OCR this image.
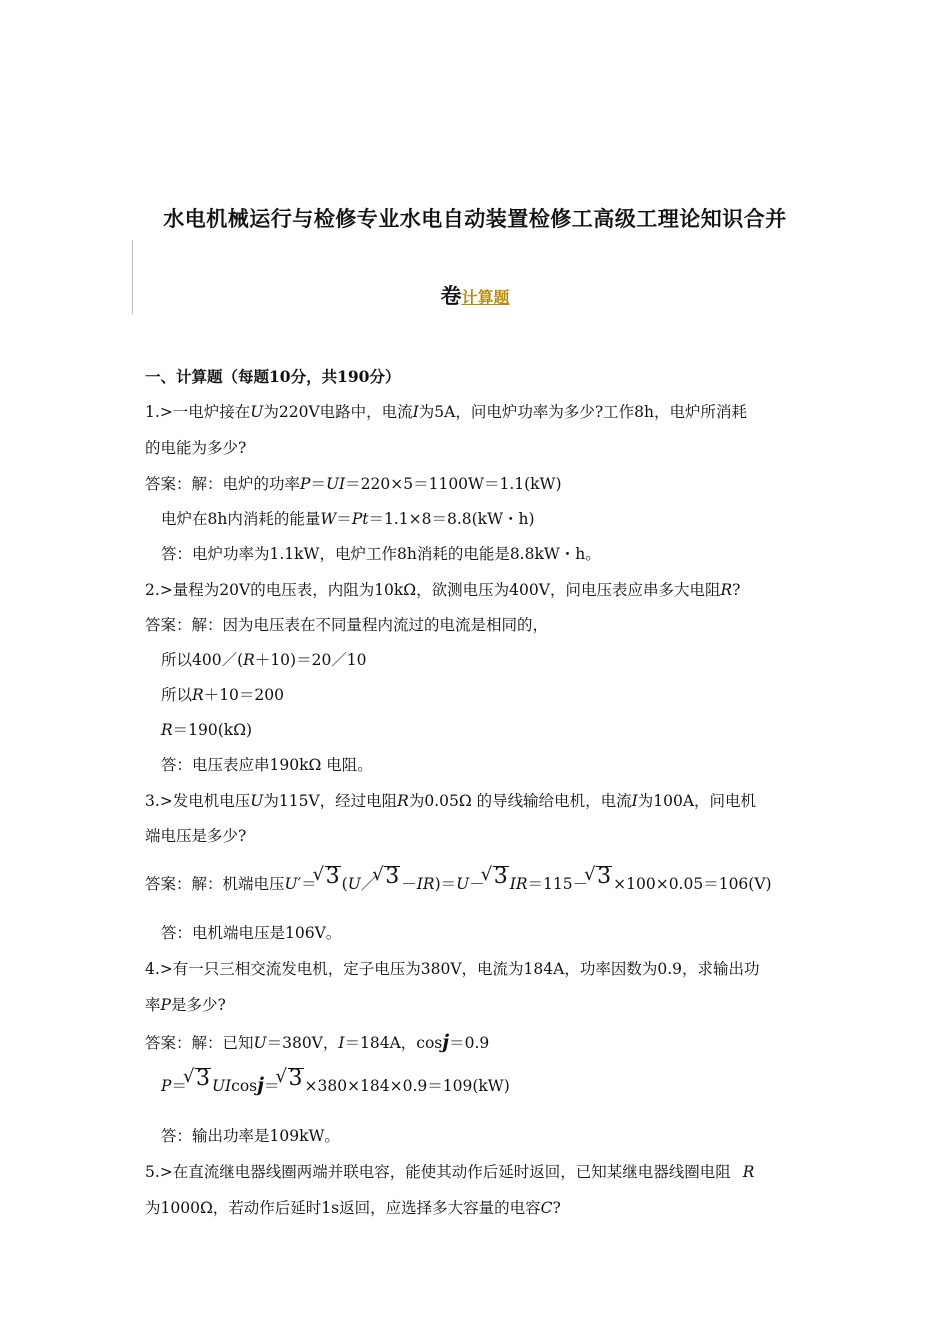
水电机械运行与检修专业水电自动装置检修工高级工理论知识合并
卷计算题
一、计算题（每题10分，共190分）
1.>一电炉接在U为220V电路中，电流I为5A，问电炉功率为多少?工作8h，电炉所消耗
的电能为多少?
答案：解：电炉的功率P＝UI＝220×5＝1100W＝1.1(kW)
电炉在8h内消耗的能量W＝Pt＝1.1×8＝8.8(kW・h)
答：电炉功率为1.1kW，电炉工作8h消耗的电能是8.8kW・h。
2.>量程为20V的电压表，内阻为10kΩ，欲测电压为400V，问电压表应串多大电阻R?
答案：解：因为电压表在不同量程内流过的电流是相同的，
所以400／(R＋10)＝20／10
所以R＋10＝200
R＝190(kΩ)
答：电压表应串190kΩ 电阻。
3.>发电机电压U为115V，经过电阻R为0.05Ω 的导线输给电机，电流I为100A，问电机
端电压是多少?
答案：解：机端电压U′＝ √ 3 (U／ √ 3 －IR)＝U－ √ 3 IR＝115－ √ 3 ×100×0.05＝106(V)
答：电机端电压是106V。
4.>有一只三相交流发电机，定子电压为380V，电流为184A，功率因数为0.9，求输出功
率P是多少?
答案：解：已知U＝380V，I＝184A，cosj＝0.9
P＝ √ 3 UIcosj＝ √ 3 ×380×184×0.9＝109(kW)
答：输出功率是109kW。
5.>在直流继电器线圈两端并联电容，能使其动作后延时返回，已知某继电器线圈电阻 R
为1000Ω，若动作后延时1s返回，应选择多大容量的电容C?
